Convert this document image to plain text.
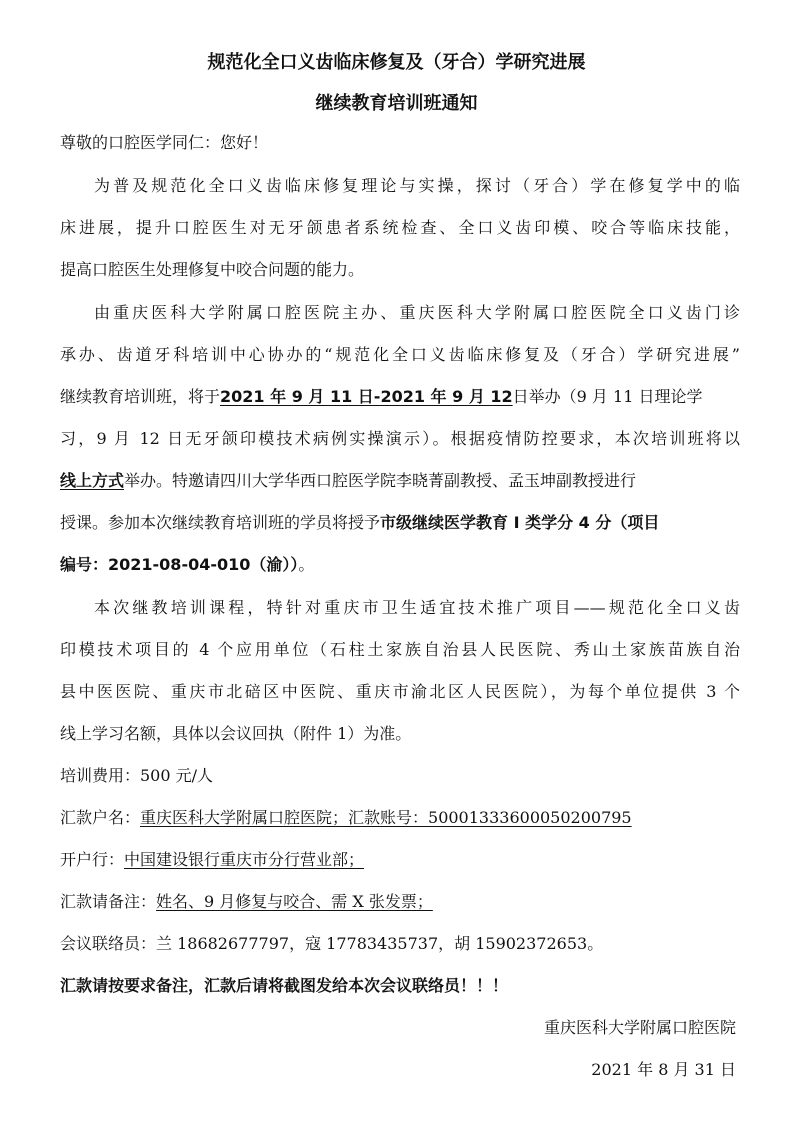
规范化全口义齿临床修复及（牙合）学研究进展
继续教育培训班通知
尊敬的口腔医学同仁：您好！
为普及规范化全口义齿临床修复理论与实操，探讨（牙合）学在修复学中的临
床进展，提升口腔医生对无牙颌患者系统检查、全口义齿印模、咬合等临床技能，
提高口腔医生处理修复中咬合问题的能力。
由重庆医科大学附属口腔医院主办、重庆医科大学附属口腔医院全口义齿门诊
承办、齿道牙科培训中心协办的“规范化全口义齿临床修复及（牙合）学研究进展”
继续教育培训班，将于2021 年 9 月 11 日-2021 年 9 月 12日举办（9 月 11 日理论学
习，9 月 12 日无牙颌印模技术病例实操演示）。根据疫情防控要求，本次培训班将以
线上方式举办。特邀请四川大学华西口腔医学院李晓菁副教授、孟玉坤副教授进行
授课。参加本次继续教育培训班的学员将授予市级继续医学教育 I 类学分 4 分（项目
编号：2021-08-04-010（渝））。
本次继教培训课程，特针对重庆市卫生适宜技术推广项目——规范化全口义齿
印模技术项目的 4 个应用单位（石柱土家族自治县人民医院、秀山土家族苗族自治
县中医医院、重庆市北碚区中医院、重庆市渝北区人民医院），为每个单位提供 3 个
线上学习名额，具体以会议回执（附件 1）为准。
培训费用：500 元/人
汇款户名：重庆医科大学附属口腔医院；汇款账号：50001333600050200795
开户行：中国建设银行重庆市分行营业部；
汇款请备注：姓名、9 月修复与咬合、需 X 张发票；
会议联络员：兰 18682677797，寇 17783435737，胡 15902372653。
汇款请按要求备注，汇款后请将截图发给本次会议联络员！！！
重庆医科大学附属口腔医院
2021 年 8 月 31 日
